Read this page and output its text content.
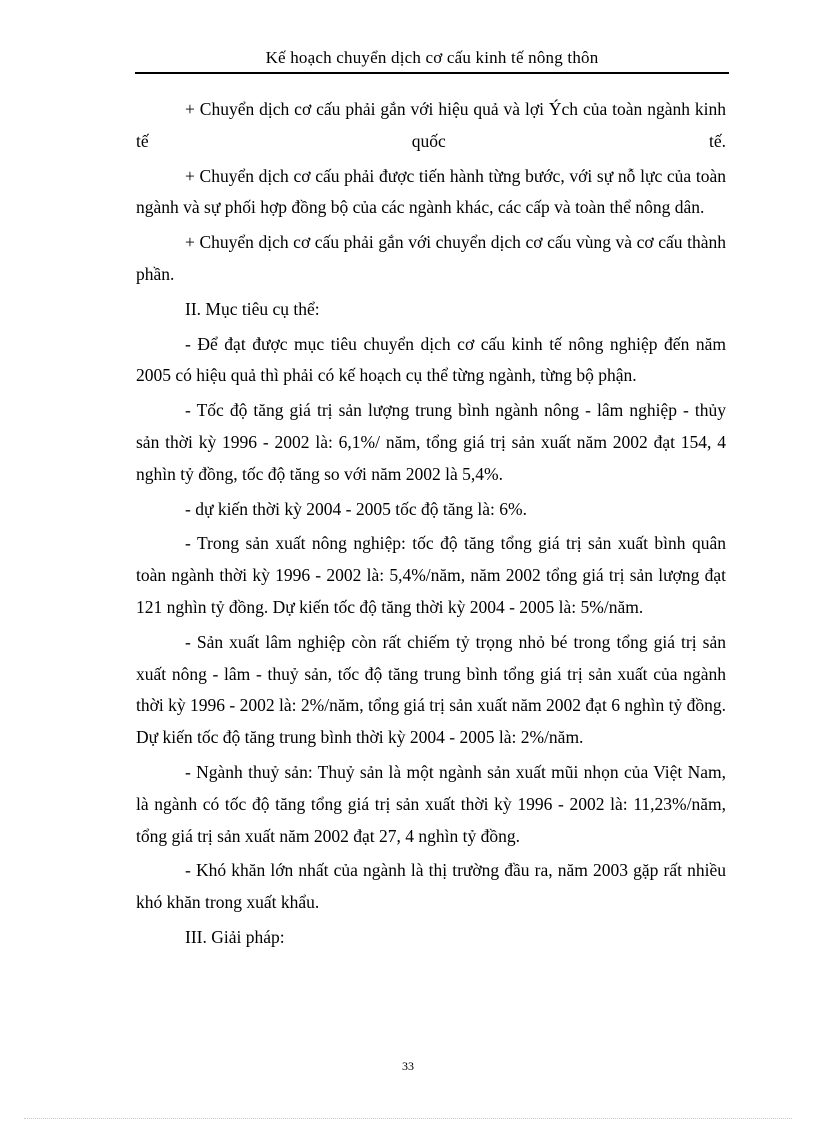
Kế hoạch chuyển dịch cơ cấu kinh tế nông thôn

+ Chuyển dịch cơ cấu phải gắn với hiệu quả và lợi Ých của toàn ngành kinh tế quốc tế.

+ Chuyển dịch cơ cấu phải được tiến hành từng bước, với sự nỗ lực của toàn ngành và sự phối hợp đồng bộ của các ngành khác, các cấp và toàn thể nông dân.

+ Chuyển dịch cơ cấu phải gắn với chuyển dịch cơ cấu vùng và cơ cấu thành phần.

II. Mục tiêu cụ thể:

- Để đạt được mục tiêu chuyển dịch cơ cấu kinh tế nông nghiệp đến năm 2005 có hiệu quả thì phải có kế hoạch cụ thể từng ngành, từng bộ phận.

- Tốc độ tăng giá trị sản lượng trung bình ngành nông - lâm nghiệp - thủy sản thời kỳ 1996 - 2002 là: 6,1%/ năm, tổng giá trị sản xuất năm 2002 đạt 154, 4 nghìn tỷ đồng, tốc độ tăng so với năm 2002 là 5,4%.

- dự kiến thời kỳ 2004 - 2005 tốc độ tăng là: 6%.

- Trong sản xuất nông nghiệp: tốc độ tăng tổng giá trị sản xuất bình quân toàn ngành thời kỳ 1996 - 2002 là: 5,4%/năm, năm 2002 tổng giá trị sản lượng đạt 121 nghìn tỷ đồng. Dự kiến tốc độ tăng thời kỳ 2004 - 2005 là: 5%/năm.

- Sản xuất lâm nghiệp còn rất chiếm tỷ trọng nhỏ bé trong tổng giá trị sản xuất nông - lâm - thuỷ sản, tốc độ tăng trung bình tổng giá trị sản xuất của ngành thời kỳ 1996 - 2002 là: 2%/năm, tổng giá trị sản xuất năm 2002 đạt 6 nghìn tỷ đồng. Dự kiến tốc độ tăng trung bình thời kỳ 2004 - 2005 là: 2%/năm.

- Ngành thuỷ sản: Thuỷ sản là một ngành sản xuất mũi nhọn của Việt Nam, là ngành có tốc độ tăng tổng giá trị sản xuất thời kỳ 1996 - 2002 là: 11,23%/năm, tổng giá trị sản xuất năm 2002 đạt 27, 4 nghìn tỷ đồng.

- Khó khăn lớn nhất của ngành là thị trường đầu ra, năm 2003 gặp rất nhiều khó khăn trong xuất khẩu.

III. Giải pháp:

33
